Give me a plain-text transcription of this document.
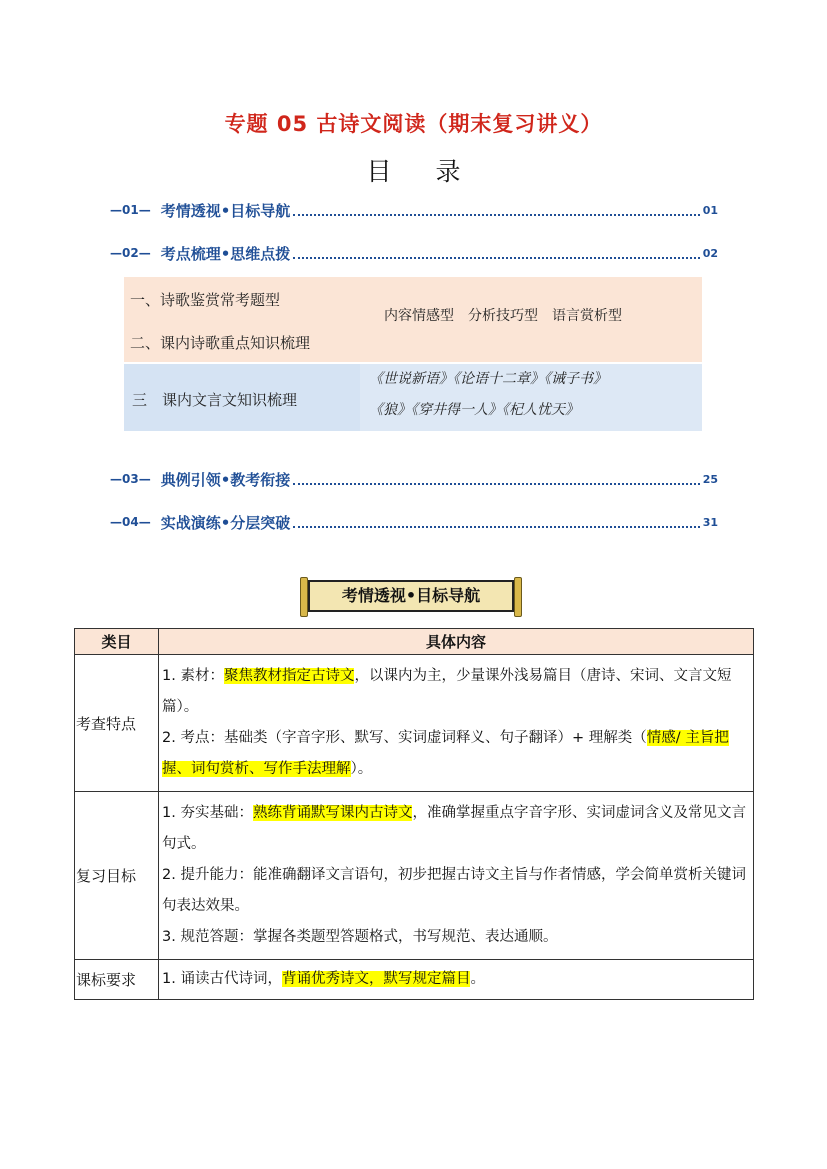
专题 05 古诗文阅读（期末复习讲义）
目 录
—01— 考情透视•目标导航	01
—02— 考点梳理•思维点拨	02
一、诗歌鉴赏常考题型
二、课内诗歌重点知识梳理
内容情感型　分析技巧型　语言赏析型
三　课内文言文知识梳理
《世说新语》《论语十二章》《诫子书》
《狼》《穿井得一人》《杞人忧天》
—03— 典例引领•教考衔接	25
—04— 实战演练•分层突破	31
考情透视•目标导航
类目	具体内容
考查特点	1. 素材：聚焦教材指定古诗文，以课内为主，少量课外浅易篇目（唐诗、宋词、文言文短篇）。

2. 考点：基础类（字音字形、默写、实词虚词释义、句子翻译）+ 理解类（情感/ 主旨把握、词句赏析、写作手法理解）。

复习目标	1. 夯实基础：熟练背诵默写课内古诗文，准确掌握重点字音字形、实词虚词含义及常见文言句式。

2. 提升能力：能准确翻译文言语句，初步把握古诗文主旨与作者情感，学会简单赏析关键词句表达效果。

3. 规范答题：掌握各类题型答题格式，书写规范、表达通顺。

课标要求	1. 诵读古代诗词，背诵优秀诗文，默写规定篇目。
